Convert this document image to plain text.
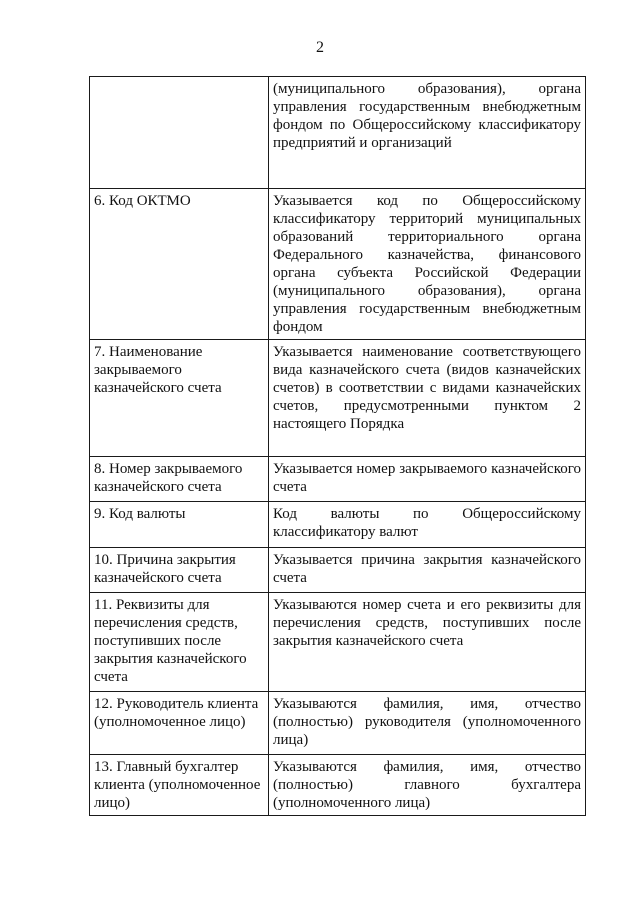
2
	(муниципального образования), органа управления государственным внебюджетным фондом по Общероссийскому классификатору предприятий и организаций
6. Код ОКТМО	Указывается код по Общероссийскому классификатору территорий муниципальных образований территориального органа Федерального казначейства, финансового органа субъекта Российской Федерации (муниципального образования), органа управления государственным внебюджетным фондом
7. Наименование закрываемого казначейского счета	Указывается наименование соответствующего вида казначейского счета (видов казначейских счетов) в соответствии с видами казначейских счетов, предусмотренными пунктом 2 настоящего Порядка
8. Номер закрываемого казначейского счета	Указывается номер закрываемого казначейского счета
9. Код валюты	Код валюты по Общероссийскому классификатору валют
10. Причина закрытия казначейского счета	Указывается причина закрытия казначейского счета
11. Реквизиты для перечисления средств, поступивших после закрытия казначейского счета	Указываются номер счета и его реквизиты для перечисления средств, поступивших после закрытия казначейского счета
12. Руководитель клиента (уполномоченное лицо)	Указываются фамилия, имя, отчество (полностью) руководителя (уполномоченного лица)
13. Главный бухгалтер клиента (уполномоченное лицо)	Указываются фамилия, имя, отчество (полностью) главного бухгалтера (уполномоченного лица)
